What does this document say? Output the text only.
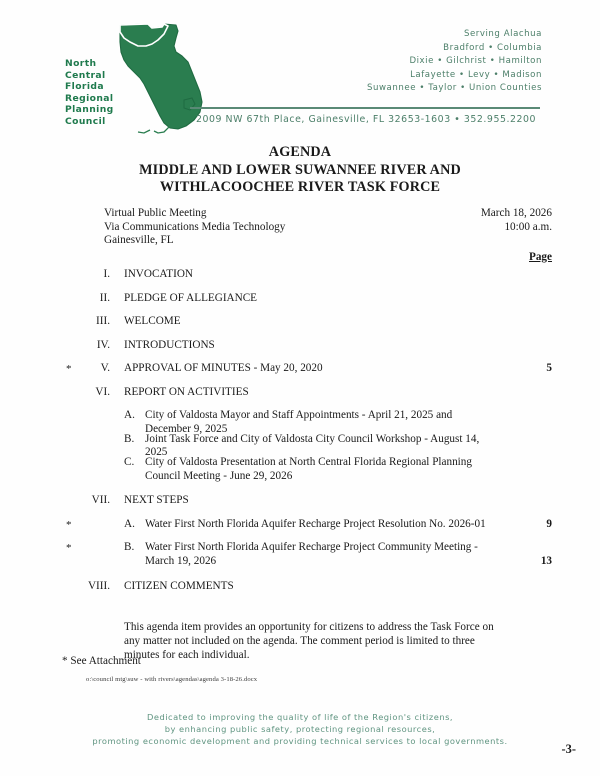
North
Central
Florida
Regional
Planning
Council
Serving Alachua
Bradford • Columbia
Dixie • Gilchrist • Hamilton
Lafayette • Levy • Madison
Suwannee • Taylor • Union Counties
2009 NW 67th Place, Gainesville, FL 32653-1603 • 352.955.2200
AGENDA
MIDDLE AND LOWER SUWANNEE RIVER AND
WITHLACOOCHEE RIVER TASK FORCE
Virtual Public Meeting
Via Communications Media Technology
Gainesville, FL
March 18, 2026
10:00 a.m.
Page
I. INVOCATION
II. PLEDGE OF ALLEGIANCE
III. WELCOME
IV. INTRODUCTIONS
*	V. APPROVAL OF MINUTES - May 20, 2020	5
VI. REPORT ON ACTIVITIES
A. City of Valdosta Mayor and Staff Appointments - April 21, 2025 and December 9, 2025
B. Joint Task Force and City of Valdosta City Council Workshop - August 14, 2025
C. City of Valdosta Presentation at North Central Florida Regional Planning Council Meeting - June 29, 2026
VII. NEXT STEPS
*	A. Water First North Florida Aquifer Recharge Project Resolution No. 2026-01	9
*	B. Water First North Florida Aquifer Recharge Project Community Meeting - March 19, 2026	13
VIII. CITIZEN COMMENTS
This agenda item provides an opportunity for citizens to address the Task Force on any matter not included on the agenda. The comment period is limited to three minutes for each individual.
* See Attachment
o:\council mtg\suw - with rivers\agendas\agenda 3-18-26.docx
Dedicated to improving the quality of life of the Region's citizens,
by enhancing public safety, protecting regional resources,
promoting economic development and providing technical services to local governments.
-3-
